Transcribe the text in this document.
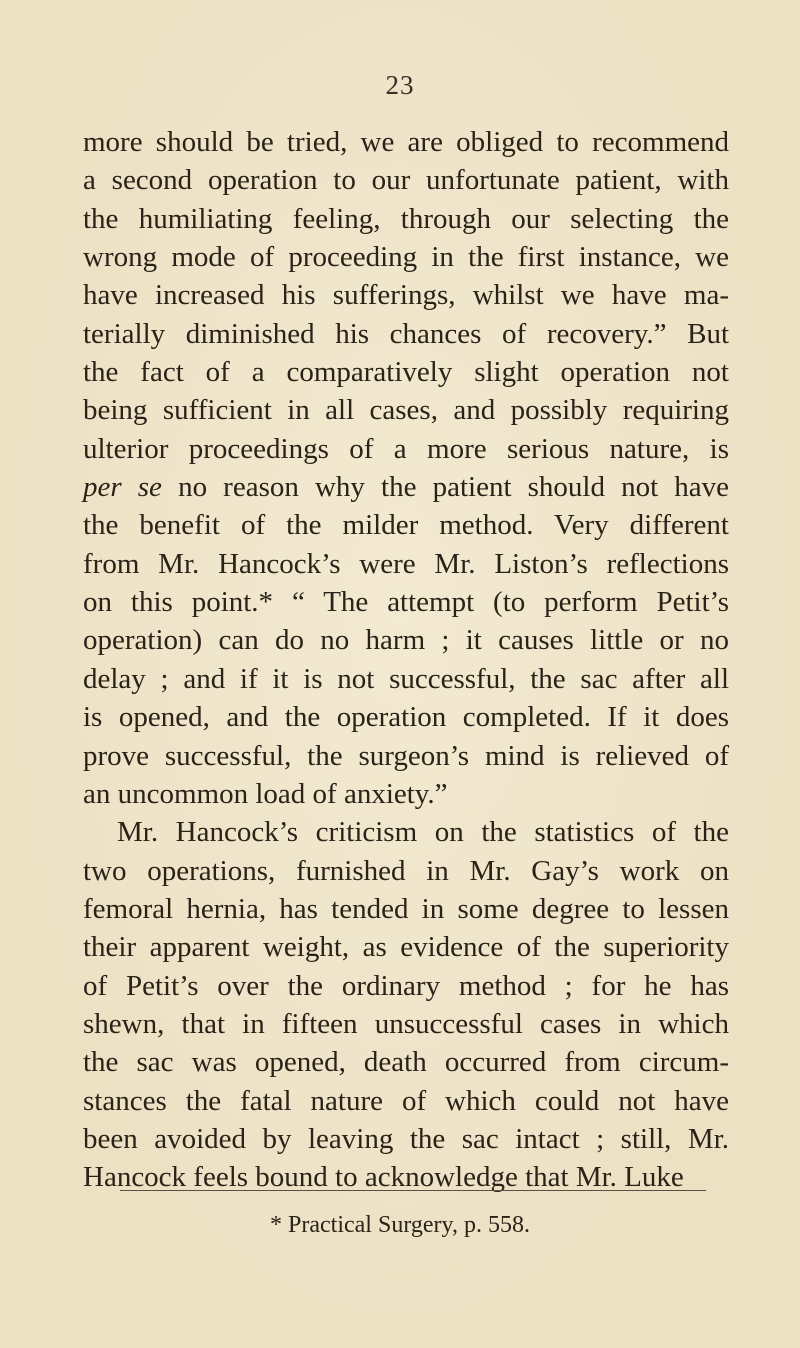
23
more should be tried, we are obliged to recommend
a second operation to our unfortunate patient, with
the humiliating feeling, through our selecting the
wrong mode of proceeding in the first instance, we
have increased his sufferings, whilst we have ma-
terially diminished his chances of recovery.” But
the fact of a comparatively slight operation not
being sufficient in all cases, and possibly requiring
ulterior proceedings of a more serious nature, is
per se no reason why the patient should not have
the benefit of the milder method. Very different
from Mr. Hancock’s were Mr. Liston’s reflections
on this point.* “ The attempt (to perform Petit’s
operation) can do no harm ; it causes little or no
delay ; and if it is not successful, the sac after all
is opened, and the operation completed. If it does
prove successful, the surgeon’s mind is relieved of
an uncommon load of anxiety.”
Mr. Hancock’s criticism on the statistics of the
two operations, furnished in Mr. Gay’s work on
femoral hernia, has tended in some degree to lessen
their apparent weight, as evidence of the superiority
of Petit’s over the ordinary method ; for he has
shewn, that in fifteen unsuccessful cases in which
the sac was opened, death occurred from circum-
stances the fatal nature of which could not have
been avoided by leaving the sac intact ; still, Mr.
Hancock feels bound to acknowledge that Mr. Luke
* Practical Surgery, p. 558.
